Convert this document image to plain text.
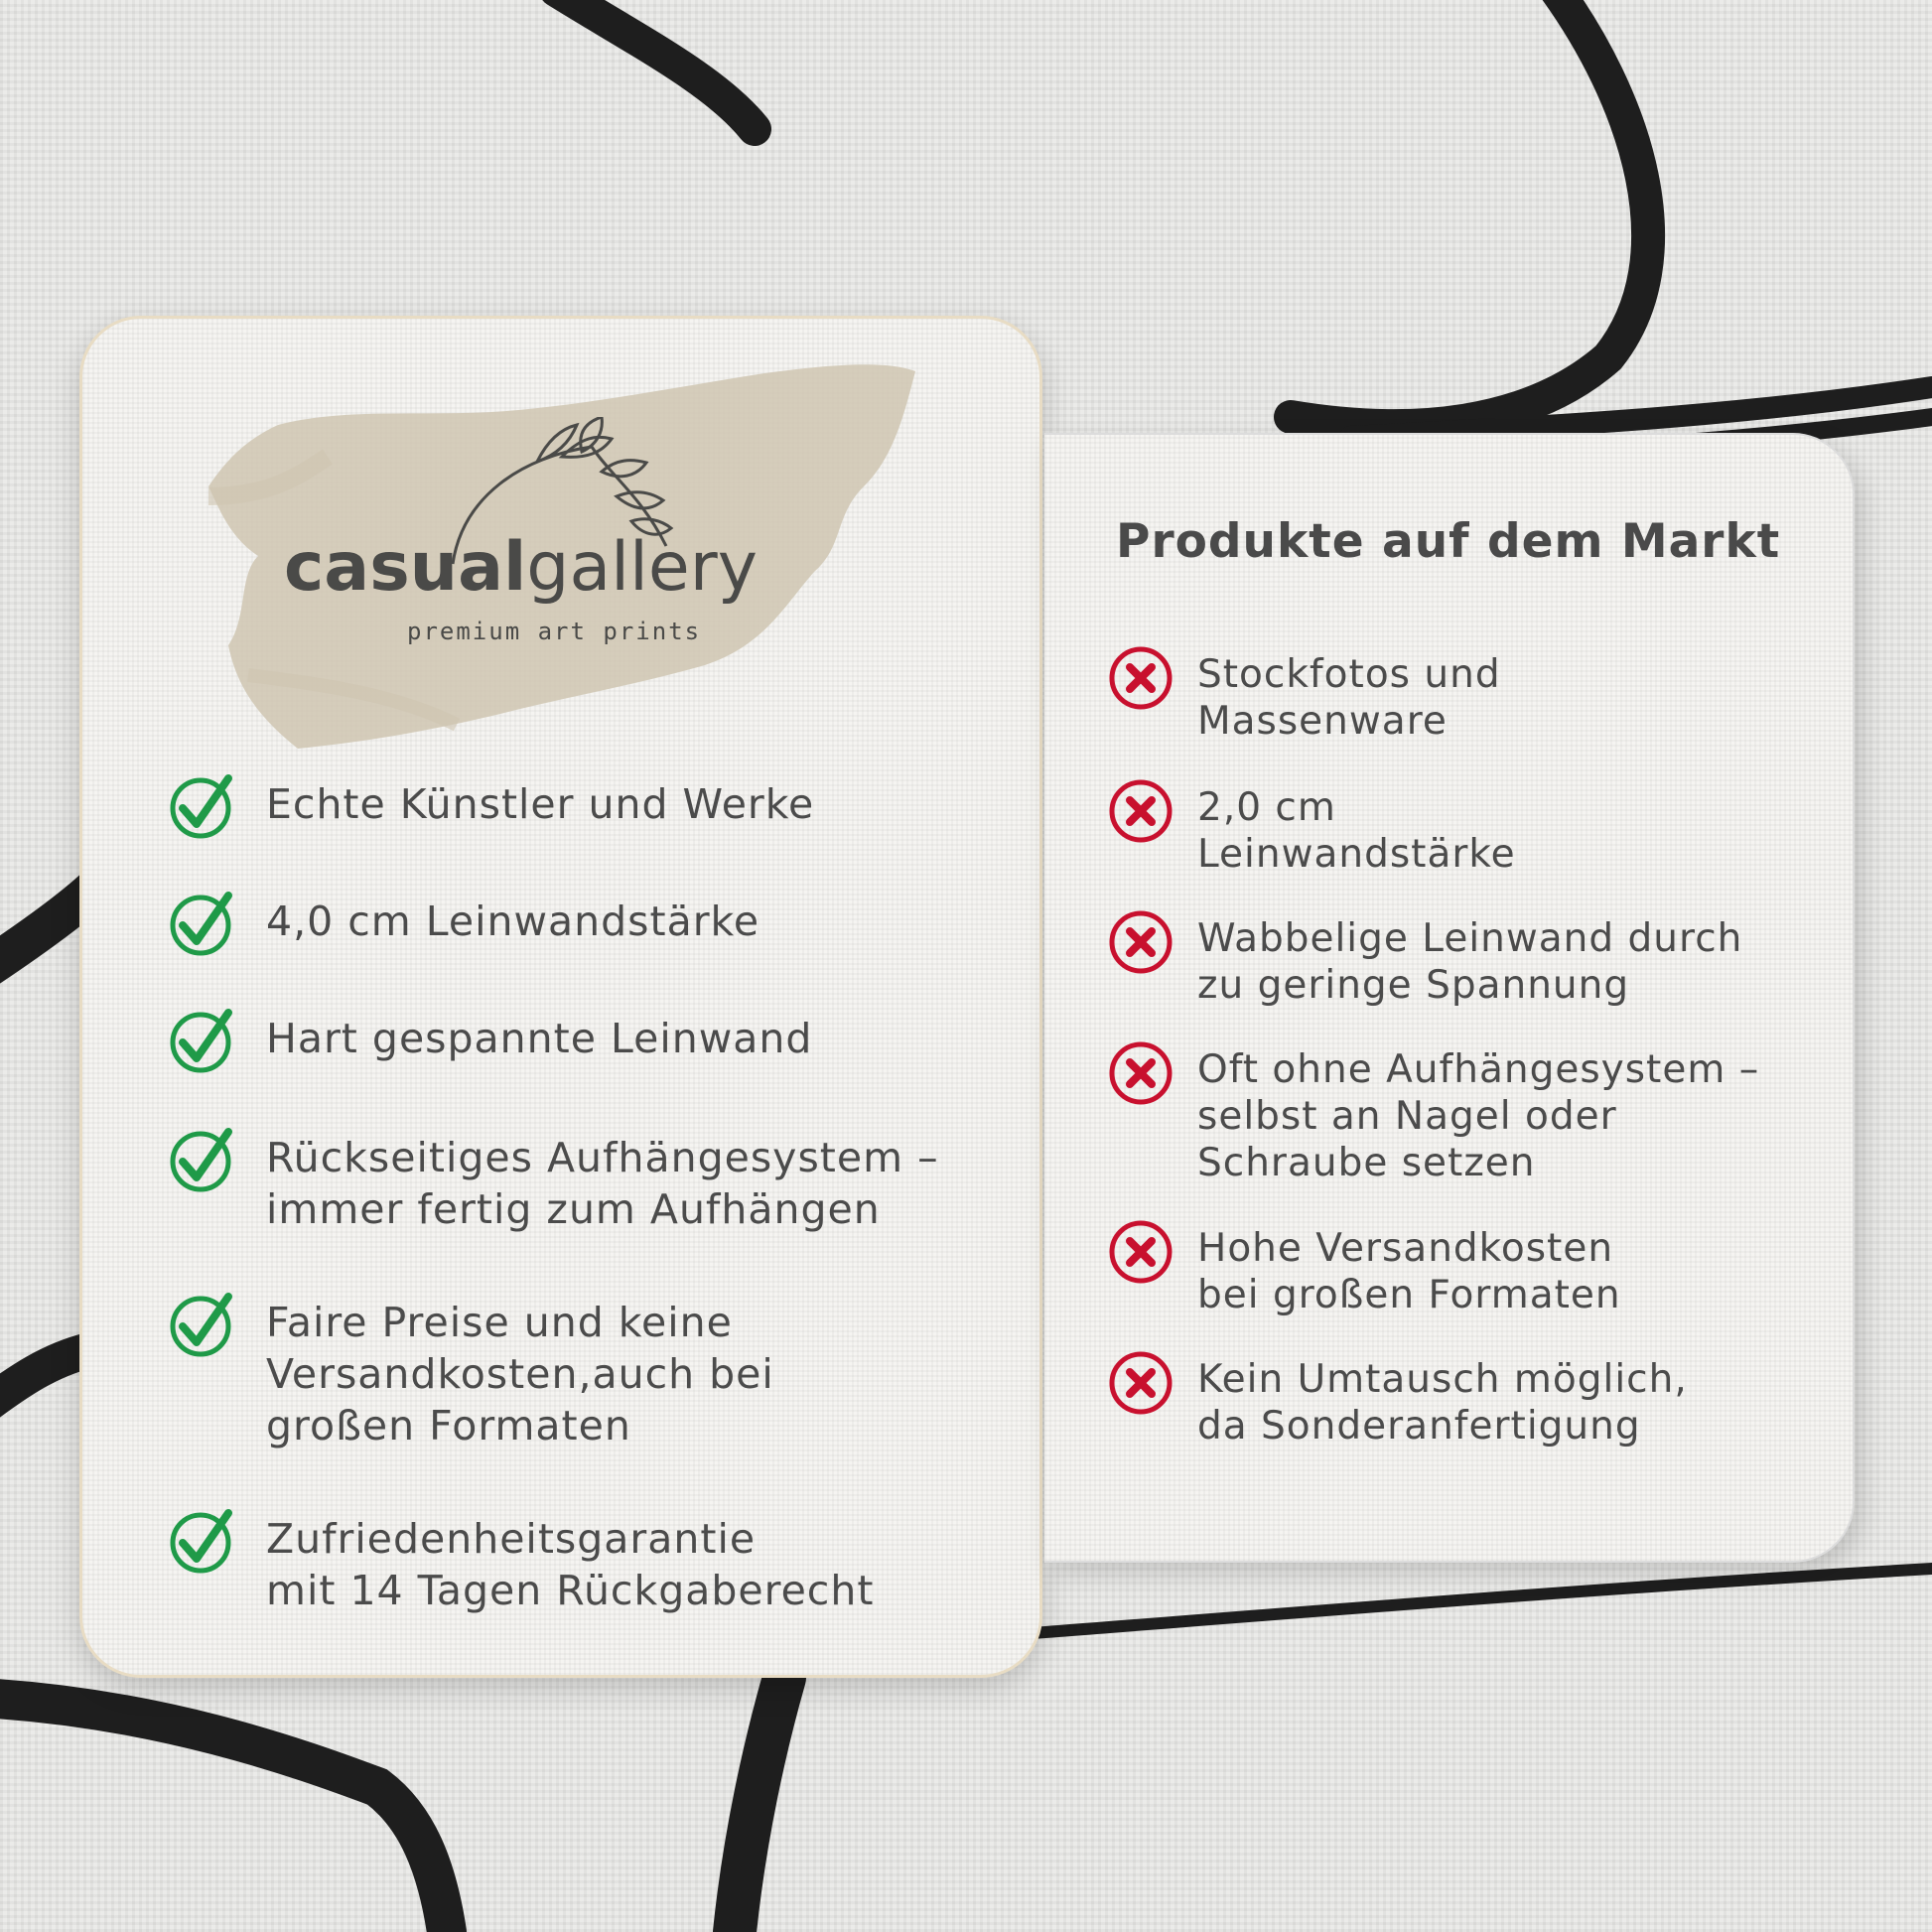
casualgallery
premium art prints
Echte Künstler und Werke
4,0 cm Leinwandstärke
Hart gespannte Leinwand
Rückseitiges Aufhängesystem –
immer fertig zum Aufhängen
Faire Preise und keine
Versandkosten,auch bei
großen Formaten
Zufriedenheitsgarantie
mit 14 Tagen Rückgaberecht
Produkte auf dem Markt
Stockfotos und
Massenware
2,0 cm
Leinwandstärke
Wabbelige Leinwand durch
zu geringe Spannung
Oft ohne Aufhängesystem –
selbst an Nagel oder
Schraube setzen
Hohe Versandkosten
bei großen Formaten
Kein Umtausch möglich,
da Sonderanfertigung
